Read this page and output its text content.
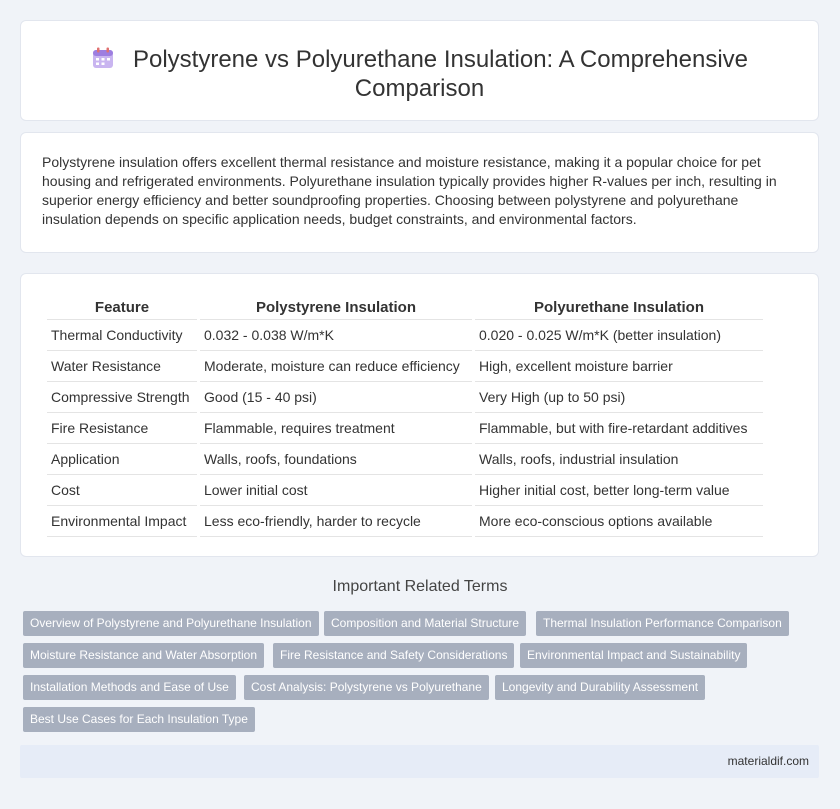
Polystyrene vs Polyurethane Insulation: A Comprehensive
Comparison

Polystyrene insulation offers excellent thermal resistance and moisture resistance, making it a popular choice for pet housing and refrigerated environments. Polyurethane insulation typically provides higher R-values per inch, resulting in superior energy efficiency and better soundproofing properties. Choosing between polystyrene and polyurethane insulation depends on specific application needs, budget constraints, and environmental factors.

Feature	Polystyrene Insulation	Polyurethane Insulation
Thermal Conductivity	0.032 - 0.038 W/m*K	0.020 - 0.025 W/m*K (better insulation)
Water Resistance	Moderate, moisture can reduce efficiency	High, excellent moisture barrier
Compressive Strength	Good (15 - 40 psi)	Very High (up to 50 psi)
Fire Resistance	Flammable, requires treatment	Flammable, but with fire-retardant additives
Application	Walls, roofs, foundations	Walls, roofs, industrial insulation
Cost	Lower initial cost	Higher initial cost, better long-term value
Environmental Impact	Less eco-friendly, harder to recycle	More eco-conscious options available
Important Related Terms
Overview of Polystyrene and Polyurethane Insulation	Composition and Material Structure	Thermal Insulation Performance Comparison
Moisture Resistance and Water Absorption	Fire Resistance and Safety Considerations	Environmental Impact and Sustainability
Installation Methods and Ease of Use	Cost Analysis: Polystyrene vs Polyurethane	Longevity and Durability Assessment
Best Use Cases for Each Insulation Type
materialdif.com
